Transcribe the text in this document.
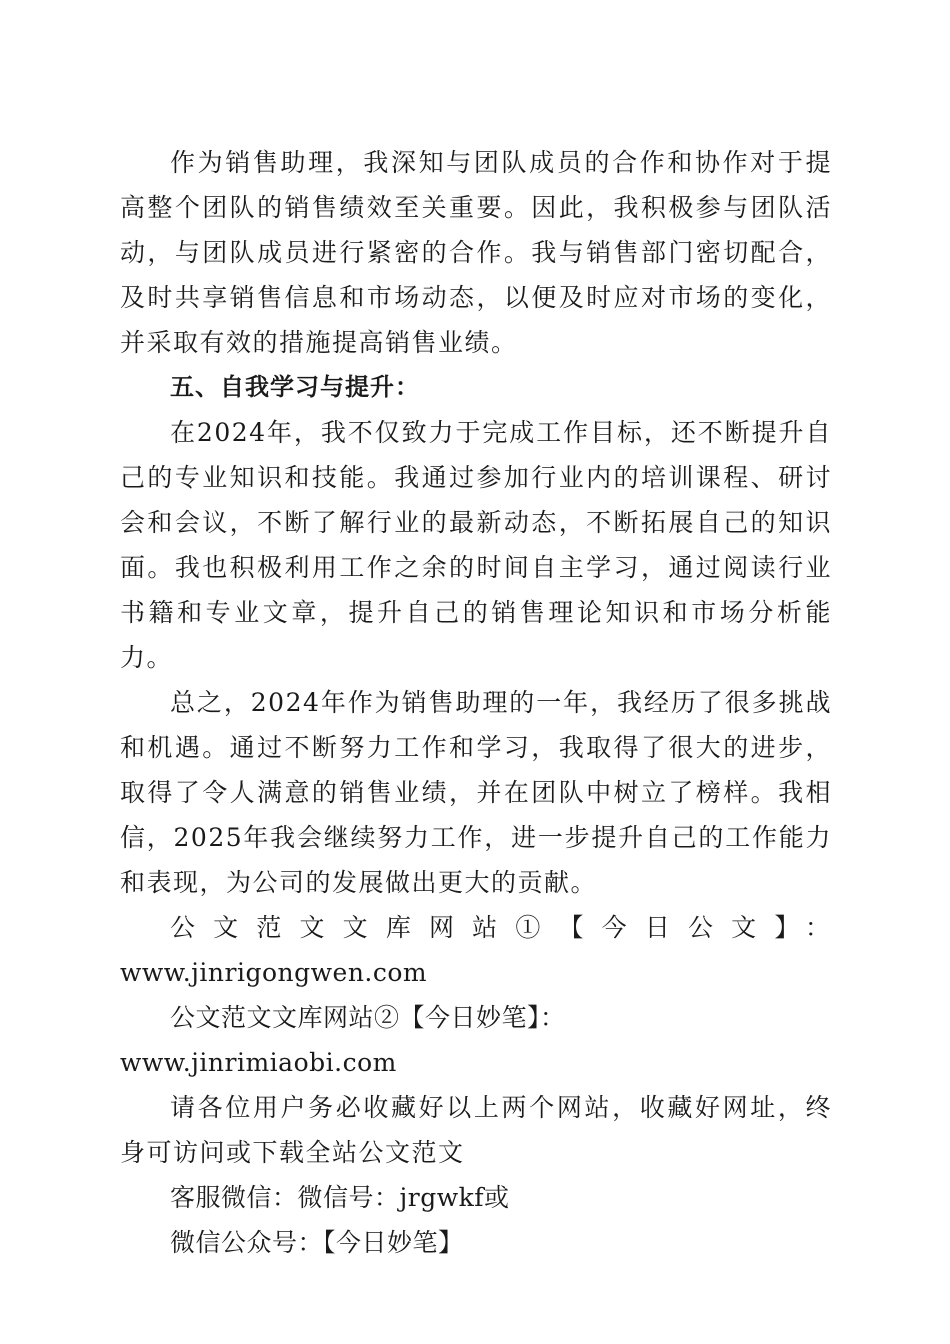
作为销售助理，我深知与团队成员的合作和协作对于提高整个团队的销售绩效至关重要。因此，我积极参与团队活动，与团队成员进行紧密的合作。我与销售部门密切配合，及时共享销售信息和市场动态，以便及时应对市场的变化，并采取有效的措施提高销售业绩。

五、自我学习与提升：

在2024年，我不仅致力于完成工作目标，还不断提升自己的专业知识和技能。我通过参加行业内的培训课程、研讨会和会议，不断了解行业的最新动态，不断拓展自己的知识面。我也积极利用工作之余的时间自主学习，通过阅读行业书籍和专业文章，提升自己的销售理论知识和市场分析能力。

总之，2024年作为销售助理的一年，我经历了很多挑战和机遇。通过不断努力工作和学习，我取得了很大的进步，取得了令人满意的销售业绩，并在团队中树立了榜样。我相信，2025年我会继续努力工作，进一步提升自己的工作能力和表现，为公司的发展做出更大的贡献。

公文范文文库网站①【今日公文】：

www.jinrigongwen.com

公文范文文库网站②【今日妙笔】：www.jinrimiaobi.com

请各位用户务必收藏好以上两个网站，收藏好网址，终身可访问或下载全站公文范文

客服微信：微信号：jrgwkf或

微信公众号：【今日妙笔】
